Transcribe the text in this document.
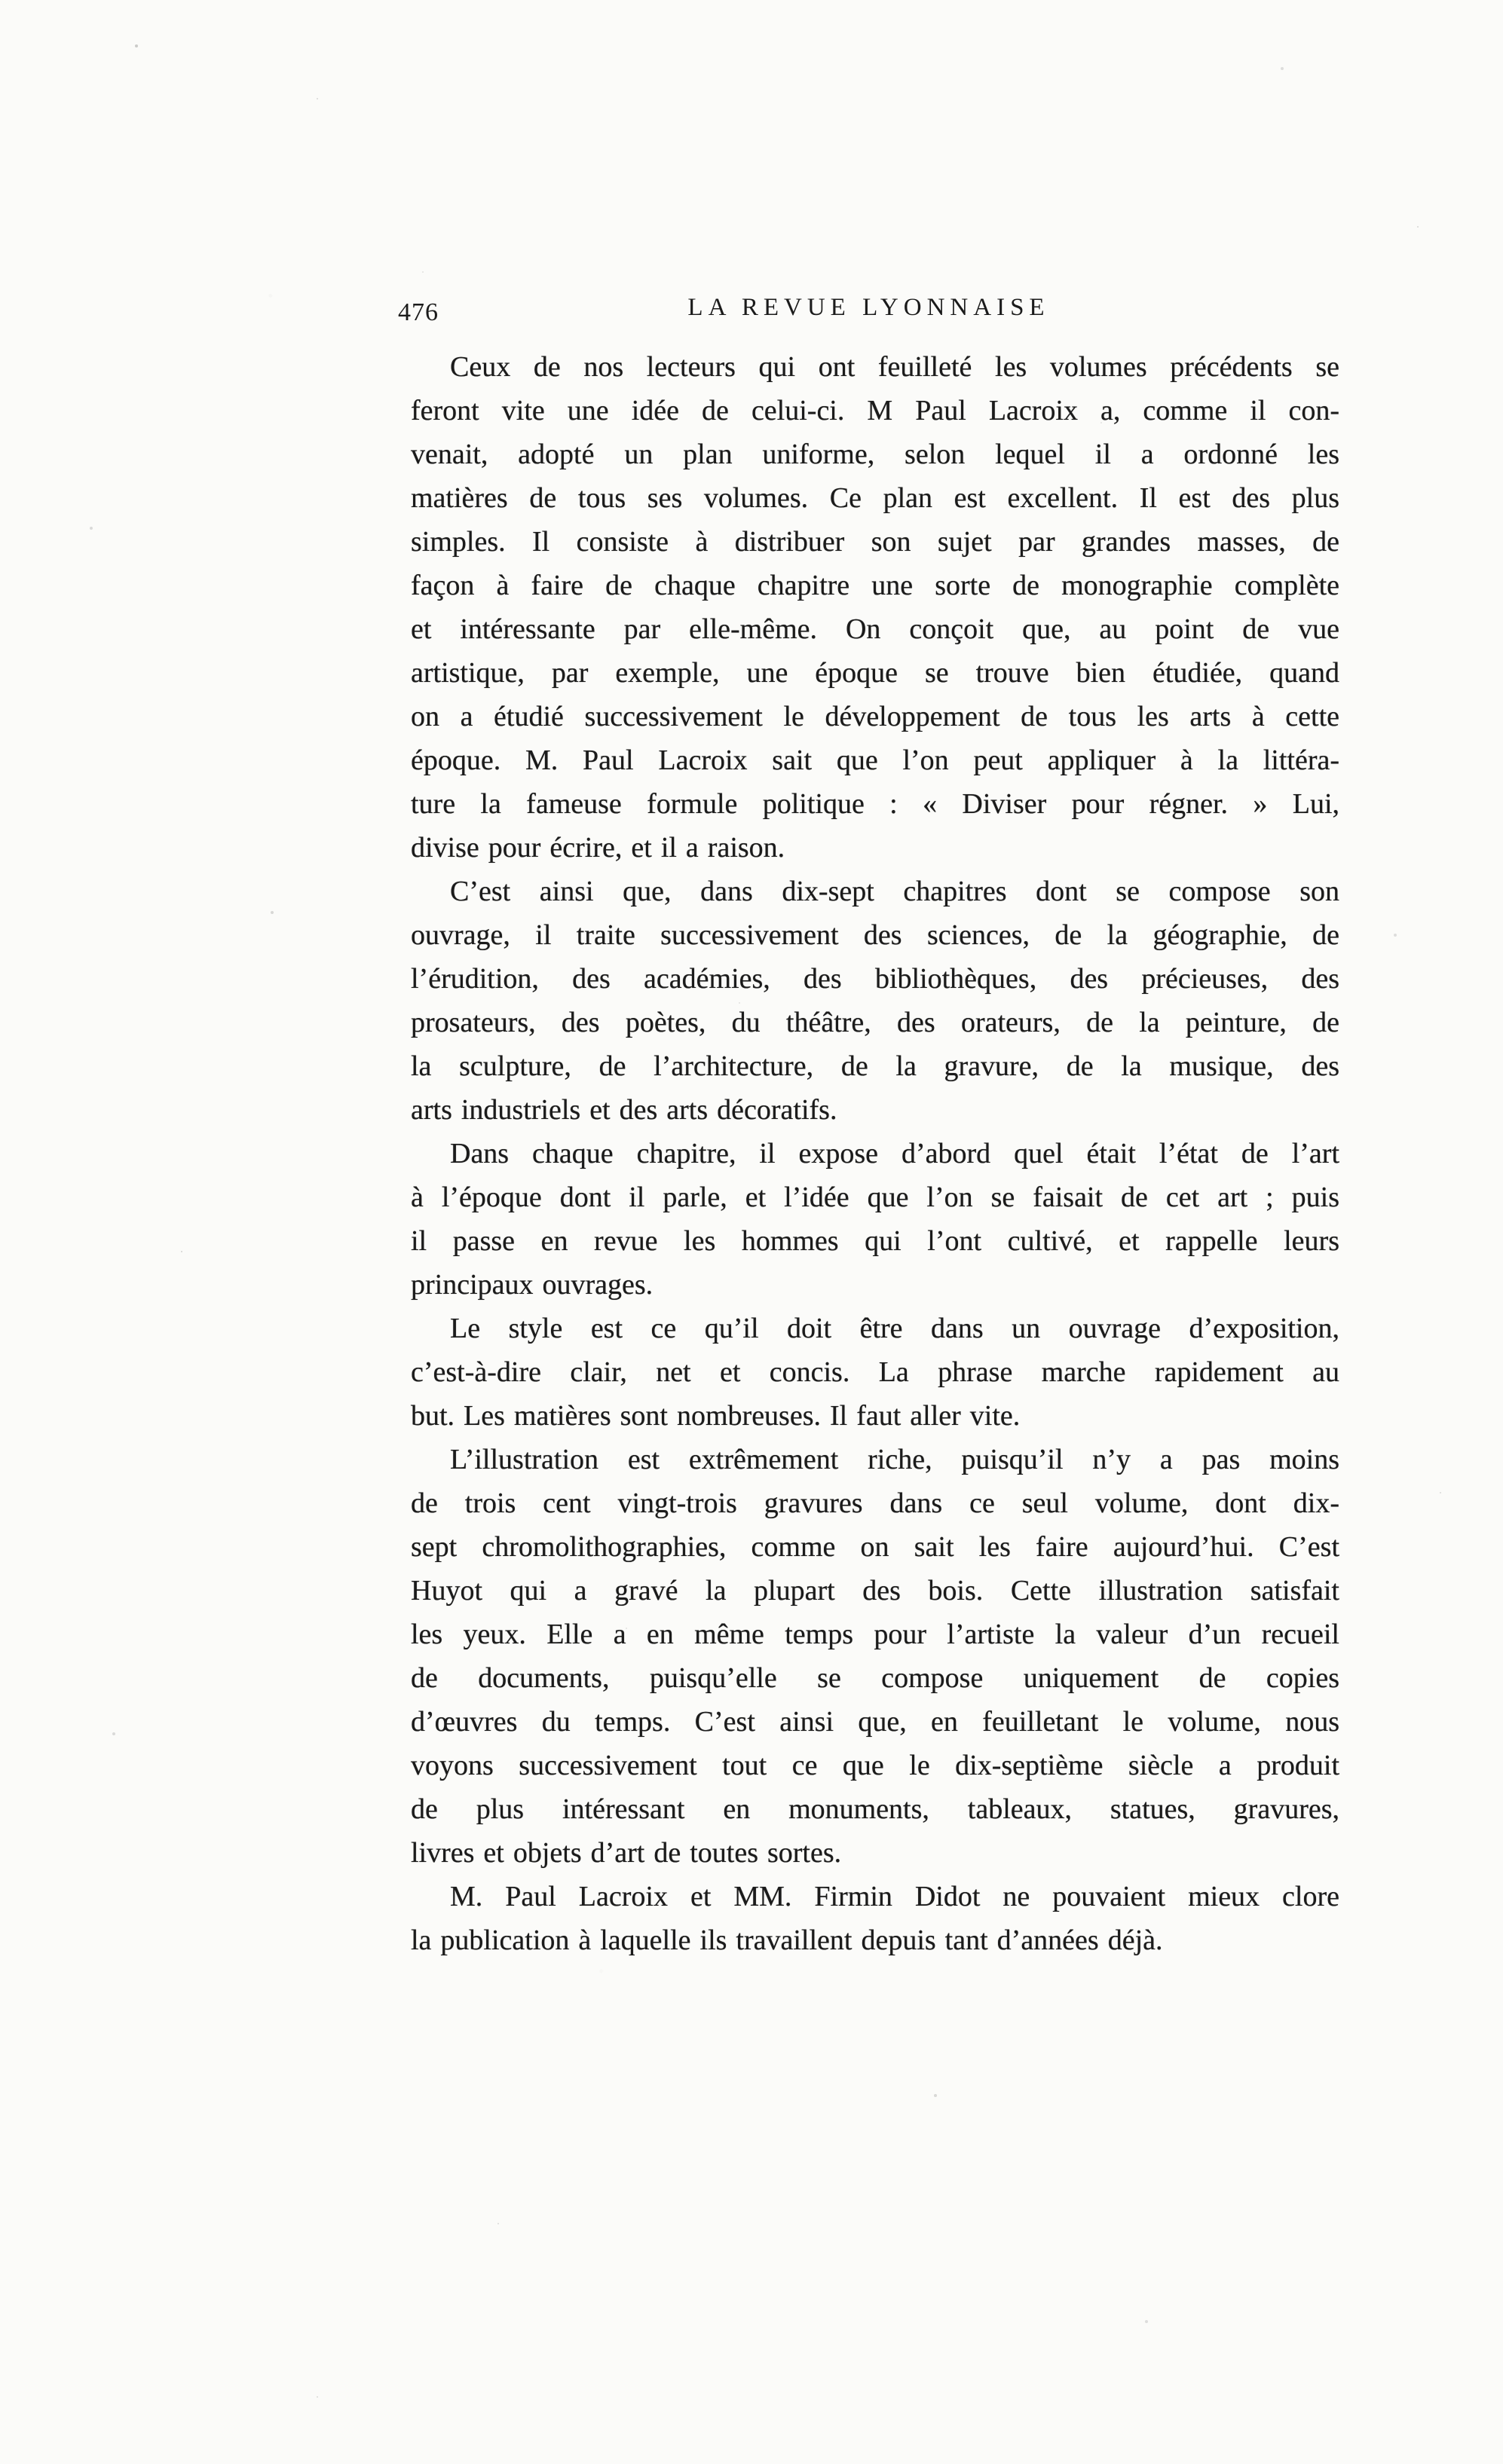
476	LA REVUE LYONNAISE
Ceux de nos lecteurs qui ont feuilleté les volumes précédents se
feront vite une idée de celui-ci. M Paul Lacroix a, comme il con-
venait, adopté un plan uniforme, selon lequel il a ordonné les
matières de tous ses volumes. Ce plan est excellent. Il est des plus
simples. Il consiste à distribuer son sujet par grandes masses, de
façon à faire de chaque chapitre une sorte de monographie complète
et intéressante par elle-même. On conçoit que, au point de vue
artistique, par exemple, une époque se trouve bien étudiée, quand
on a étudié successivement le développement de tous les arts à cette
époque. M. Paul Lacroix sait que l’on peut appliquer à la littéra-
ture la fameuse formule politique : « Diviser pour régner. » Lui,
divise pour écrire, et il a raison.
C’est ainsi que, dans dix-sept chapitres dont se compose son
ouvrage, il traite successivement des sciences, de la géographie, de
l’érudition, des académies, des bibliothèques, des précieuses, des
prosateurs, des poètes, du théâtre, des orateurs, de la peinture, de
la sculpture, de l’architecture, de la gravure, de la musique, des
arts industriels et des arts décoratifs.
Dans chaque chapitre, il expose d’abord quel était l’état de l’art
à l’époque dont il parle, et l’idée que l’on se faisait de cet art ; puis
il passe en revue les hommes qui l’ont cultivé, et rappelle leurs
principaux ouvrages.
Le style est ce qu’il doit être dans un ouvrage d’exposition,
c’est-à-dire clair, net et concis. La phrase marche rapidement au
but. Les matières sont nombreuses. Il faut aller vite.
L’illustration est extrêmement riche, puisqu’il n’y a pas moins
de trois cent vingt-trois gravures dans ce seul volume, dont dix-
sept chromolithographies, comme on sait les faire aujourd’hui. C’est
Huyot qui a gravé la plupart des bois. Cette illustration satisfait
les yeux. Elle a en même temps pour l’artiste la valeur d’un recueil
de documents, puisqu’elle se compose uniquement de copies
d’œuvres du temps. C’est ainsi que, en feuilletant le volume, nous
voyons successivement tout ce que le dix-septième siècle a produit
de plus intéressant en monuments, tableaux, statues, gravures,
livres et objets d’art de toutes sortes.
M. Paul Lacroix et MM. Firmin Didot ne pouvaient mieux clore
la publication à laquelle ils travaillent depuis tant d’années déjà.
